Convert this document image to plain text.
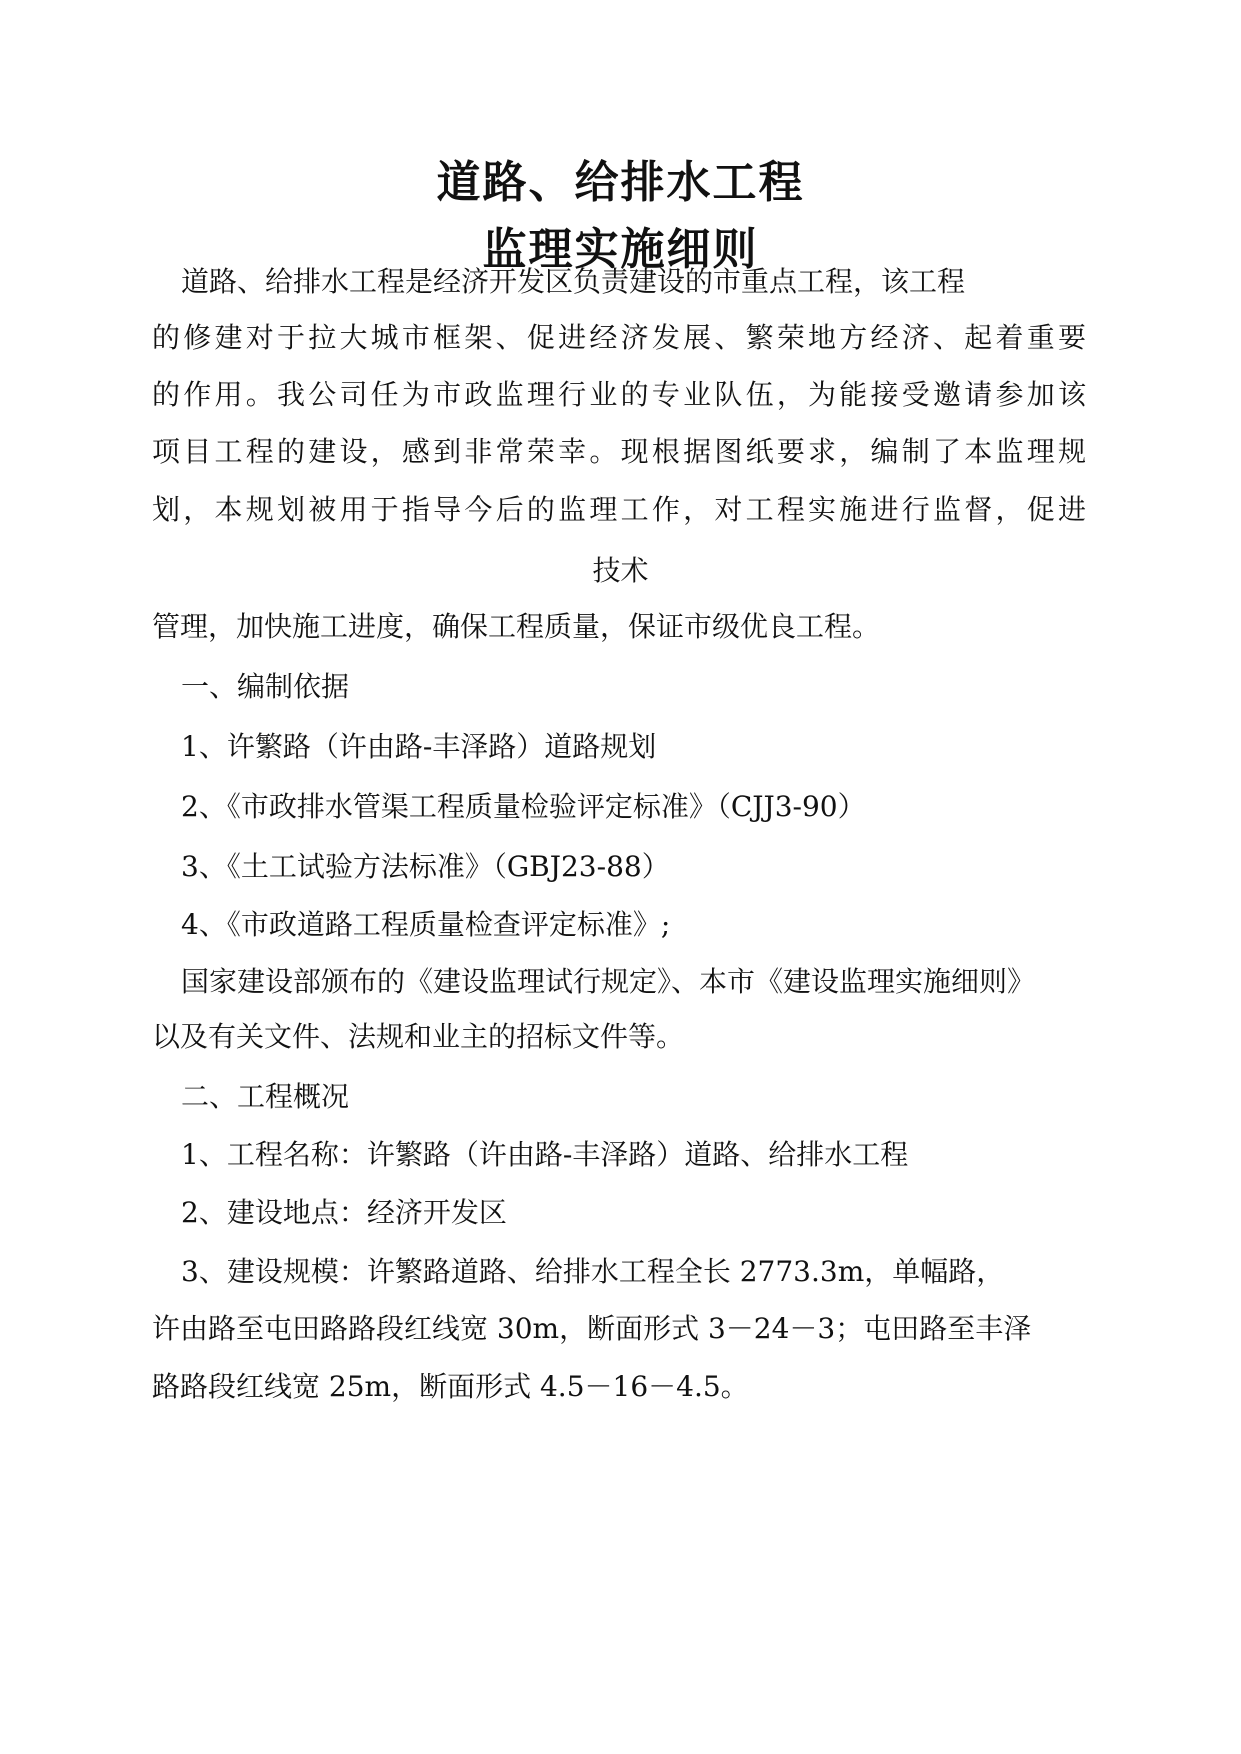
道路、给排水工程
监理实施细则

道路、给排水工程是经济开发区负责建设的市重点工程，该工程

的修建对于拉大城市框架、促进经济发展、繁荣地方经济、起着重要

的作用。我公司任为市政监理行业的专业队伍，为能接受邀请参加该

项目工程的建设，感到非常荣幸。现根据图纸要求，编制了本监理规

划，本规划被用于指导今后的监理工作，对工程实施进行监督，促进

技术

管理，加快施工进度，确保工程质量，保证市级优良工程。

一、编制依据

1、许繁路（许由路-丰泽路）道路规划

2、《市政排水管渠工程质量检验评定标准》（CJJ3-90）

3、《土工试验方法标准》（GBJ23-88）

4、《市政道路工程质量检查评定标准》;

国家建设部颁布的《建设监理试行规定》、本市《建设监理实施细则》

以及有关文件、法规和业主的招标文件等。

二、工程概况

1、工程名称：许繁路（许由路-丰泽路）道路、给排水工程

2、建设地点：经济开发区

3、建设规模：许繁路道路、给排水工程全长 2773.3m，单幅路，

许由路至屯田路路段红线宽 30m，断面形式 3－24－3；屯田路至丰泽

路路段红线宽 25m，断面形式 4.5－16－4.5。
